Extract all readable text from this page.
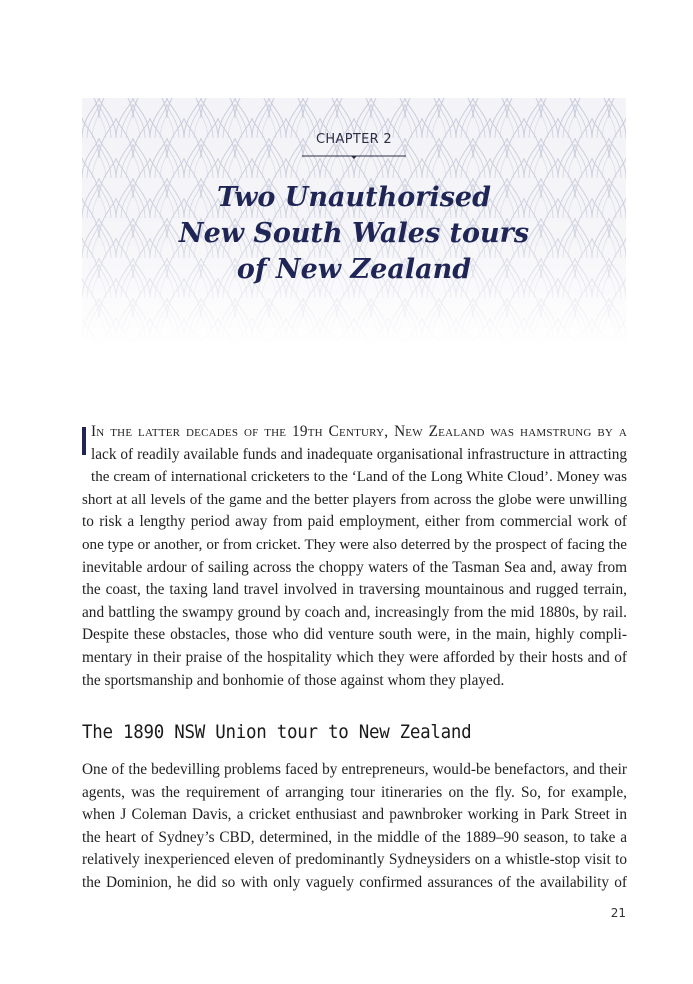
CHAPTER 2
Two Unauthorised
New South Wales tours
of New Zealand
In the latter decades of the 19th Century, New Zealand was hamstrung by a
lack of readily available funds and inadequate organisational infrastructure in attracting
the cream of international cricketers to the ‘Land of the Long White Cloud’. Money was
short at all levels of the game and the better players from across the globe were unwilling
to risk a lengthy period away from paid employment, either from commercial work of
one type or another, or from cricket. They were also deterred by the prospect of facing the
inevitable ardour of sailing across the choppy waters of the Tasman Sea and, away from
the coast, the taxing land travel involved in traversing mountainous and rugged terrain,
and battling the swampy ground by coach and, increasingly from the mid 1880s, by rail.
Despite these obstacles, those who did venture south were, in the main, highly compli-
mentary in their praise of the hospitality which they were afforded by their hosts and of
the sportsmanship and bonhomie of those against whom they played.
The 1890 NSW Union tour to New Zealand
One of the bedevilling problems faced by entrepreneurs, would-be benefactors, and their
agents, was the requirement of arranging tour itineraries on the fly. So, for example,
when J Coleman Davis, a cricket enthusiast and pawnbroker working in Park Street in
the heart of Sydney’s CBD, determined, in the middle of the 1889–90 season, to take a
relatively inexperienced eleven of predominantly Sydneysiders on a whistle-stop visit to
the Dominion, he did so with only vaguely confirmed assurances of the availability of
21
